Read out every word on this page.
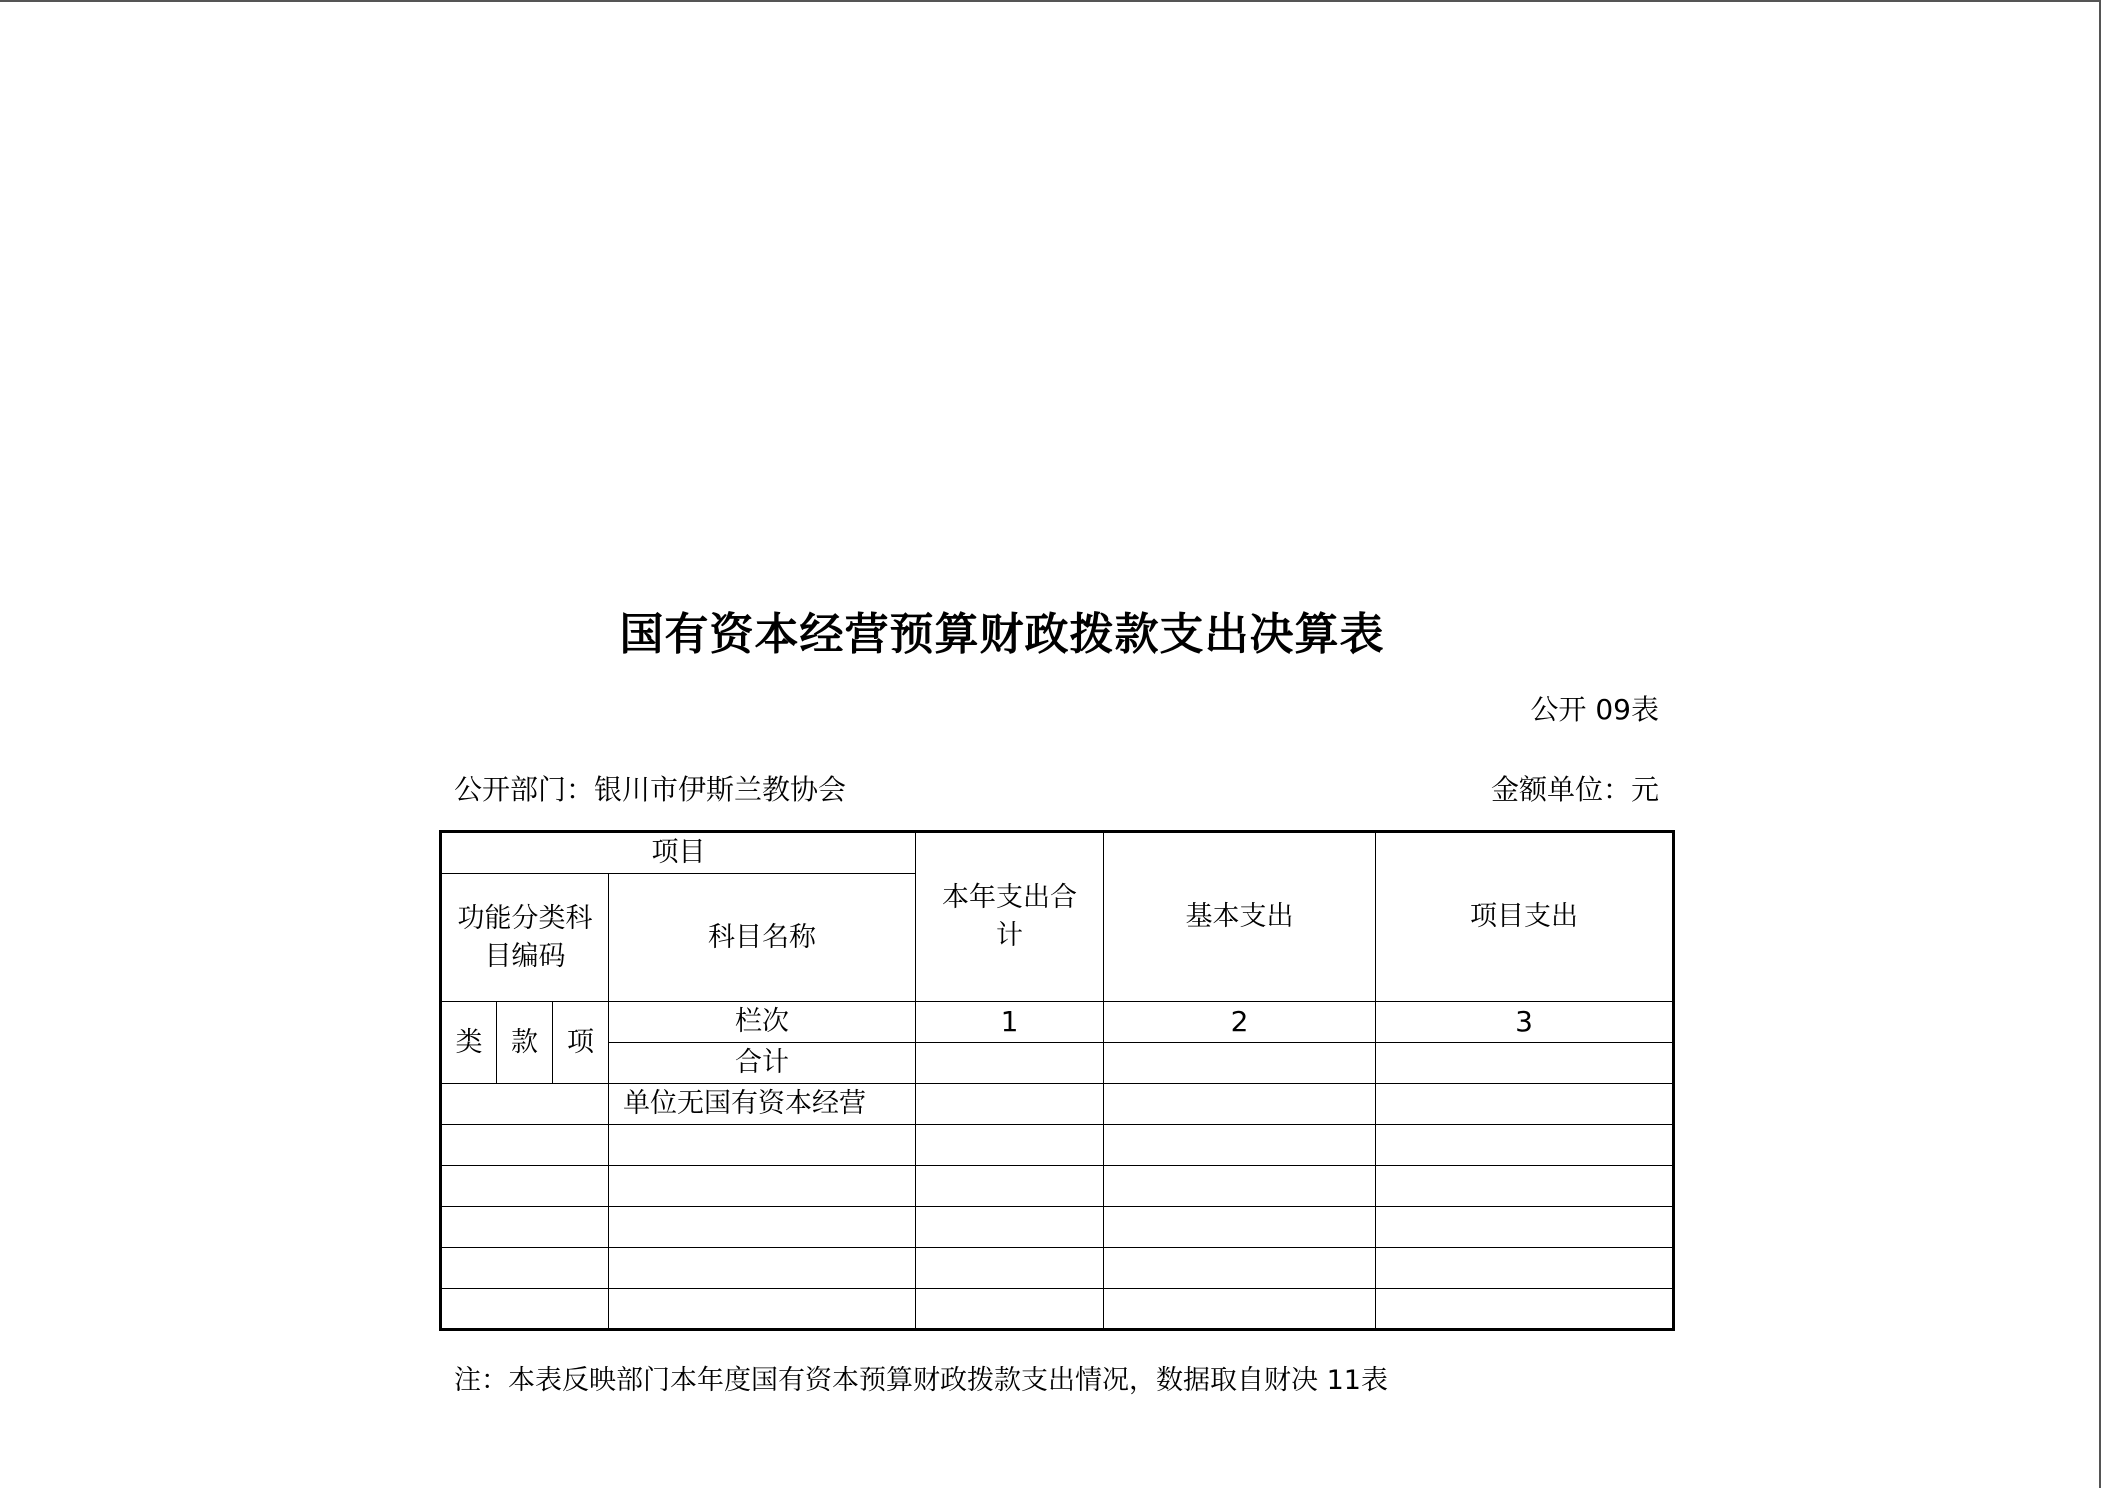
国有资本经营预算财政拨款支出决算表
公开 09表
公开部门：银川市伊斯兰教协会	金额单位：元
项目				本年支出合计	基本支出	项目支出

功能分类科目编码			科目名称			
类	款	项	栏次	1	2	3
			合计			
			单位无国有资本经营			

注：本表反映部门本年度国有资本预算财政拨款支出情况，数据取自财决 11表
